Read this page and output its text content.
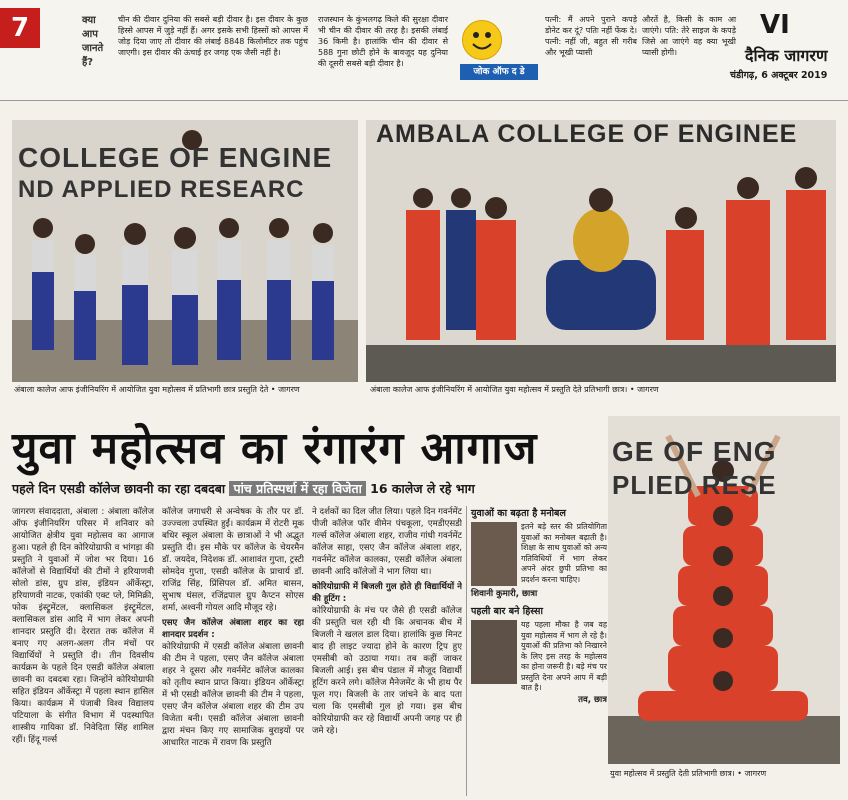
7	क्या आप जानते हैं?
चीन की दीवार दुनिया की सबसे बड़ी दीवार है। इस दीवार के कुछ हिस्से आपस में जुड़े नहीं हैं। अगर इसके सभी हिस्सों को आपस में जोड़ दिया जाए तो दीवार की लंबाई 8848 किलोमीटर तक पहुंच जाएगी। इस दीवार की ऊंचाई हर जगह एक जैसी नहीं है।
राजस्थान के कुंभलगढ़ किले की सुरक्षा दीवार भी चीन की दीवार की तरह है। इसकी लंबाई 36 किमी है। हालांकि चीन की दीवार से 588 गुना छोटी होने के बावजूद यह दुनिया की दूसरी सबसे बड़ी दीवार है।
जोक ऑफ द डे
पत्नी: मैं अपने पुराने कपड़े डोनेट कर दूं? पतिः नहीं फेंक दे। पत्नी: नहीं जी, बहुत सी गरीब और भूखी प्यासी
औरतें है, किसी के काम आ जाएंगे। पति: तेरे साइज के कपड़े जिसे आ जाएंगे वह क्या भूखी प्यासी होगी।
VI
दैनिक जागरण
चंडीगढ़, 6 अक्टूबर 2019
COLLEGE OF ENGINE
ND APPLIED RESEARC
अंबाला कालेज आफ इंजीनियरिंग में आयोजित युवा महोत्सव में प्रतिभागी छात्र प्रस्तुति देते • जागरण
AMBALA COLLEGE OF ENGINEE
अंबाला कालेज आफ इंजीनियरिंग में आयोजित युवा महोत्सव में प्रस्तुति देते प्रतिभागी छात्र। • जागरण
युवा महोत्सव का रंगारंग आगाज
पहले दिन एसडी कॉलेज छावनी का रहा दबदबा पांच प्रतिस्पर्धा में रहा विजेता 16 कालेज ले रहे भाग
जागरण संवाददाता, अंबाला : अंबाला कॉलेज ऑफ इंजीनियरिंग परिसर में शनिवार को आयोजित क्षेत्रीय युवा महोत्सव का आगाज हुआ। पहले ही दिन कोरियोग्राफी व भांगड़ा की प्रस्तुति ने युवाओं में जोश भर दिया। 16 कॉलेजों से विद्यार्थियों की टीमों ने हरियाणवी सोलो डांस, ग्रुप डांस, इंडियन ऑर्केस्ट्रा, हरियाणवी नाटक, एकांकी एक्ट प्ले, मिमिक्री, फोक इंस्ट्रूमेंटल, क्लासिकल इंस्ट्रूमेंटल, क्लासिकल डांस आदि में भाग लेकर अपनी शानदार प्रस्तुति दी। देररात तक कॉलेज में बनाए गए अलग-अलग तीन मंचों पर विद्यार्थियों ने प्रस्तुति दी। तीन दिवसीय कार्यक्रम के पहले दिन एसडी कॉलेज अंबाला छावनी का दबदबा रहा। जिन्होंने कोरियोग्राफी सहित इंडियन ऑर्केस्ट्रा में पहला स्थान हासिल किया। कार्यक्रम में पंजाबी विश्व विद्यालय पटियाला के संगीत विभाग में पदस्थापित शास्त्रीय गायिका डॉ. निवेदिता सिंह शामिल रहीं। हिंदू गर्ल्स
कॉलेज जगाधरी से अन्वेषक के तौर पर डॉ. उज्ज्वला उपस्थित हुईं। कार्यक्रम में रोटरी मूक बधिर स्कूल अंबाला के छात्राओं ने भी अद्भुत प्रस्तुति दी। इस मौके पर कॉलेज के चेयरमैन डॉ. जयदेव, निदेशक डॉ. आशावंत गुप्ता, ट्रस्टी सोमदेव गुप्ता, एसडी कॉलेज के प्राचार्य डॉ. राजिंद्र सिंह, प्रिंसिपल डॉ. अमित बासन, सुभाष घंसल, रजिंद्रपाल ग्रुप कैप्टन सोएस शर्मा, अश्वनी गोयल आदि मौजूद रहे।
एसए जैन कॉलेज अंबाला शहर का रहा शानदार प्रदर्शन :
कोरियोग्राफी में एसडी कॉलेज अंबाला छावनी की टीम ने पहला, एसए जैन कॉलेज अंबाला शहर ने दूसरा और गवर्नमेंट कॉलेज कालका को तृतीय स्थान प्राप्त किया। इंडियन ऑर्केस्ट्रा में भी एसडी कॉलेज छावनी की टीम ने पहला, एसए जैन कॉलेज अंबाला शहर की टीम उप विजेता बनी। एसडी कॉलेज अंबाला छावनी द्वारा मंचन किए गए सामाजिक बुराइयों पर आधारित नाटक में रावण कि प्रस्तुति
ने दर्शकों का दिल जीत लिया। पहले दिन गवर्नमेंट पीजी कॉलेज फॉर वीमेन पंचकूला, एमडीएसडी गर्ल्स कॉलेज अंबाला शहर, राजीव गांधी गवर्नमेंट कॉलेज साहा, एसए जैन कॉलेज अंबाला शहर, गवर्नमेंट कॉलेज कालका, एसडी कॉलेज अंबाला छावनी आदि कॉलेजों ने भाग लिया था।
कोरियोग्राफी में बिजली गुल होते ही विद्यार्थियों ने की हूटिंग :
कोरियोग्राफी के मंच पर जैसे ही एसडी कॉलेज की प्रस्तुति चल रही थी कि अचानक बीच में बिजली ने खलल डाल दिया। हालांकि कुछ मिनट बाद ही लाइट ज्यादा होने के कारण ट्रिप हुए एमसीबी को उठाया गया। तब कहीं जाकर बिजली आई। इस बीच पंडाल में मौजूद विद्यार्थी हूटिंग करने लगे। कॉलेज मैनेजमेंट के भी हाथ पैर फूल गए। बिजली के तार जांचने के बाद पता चला कि एमसीबी गुल हो गया। इस बीच कोरियोग्राफी कर रहे विद्यार्थी अपनी जगह पर ही जमे रहे।
युवाओं का बढ़ता है मनोबल
इतने बड़े स्तर की प्रतियोगिता युवाओं का मनोबल बढ़ाती है। शिक्षा के साथ युवाओं को अन्य गतिविधियों में भाग लेकर अपने अंदर छुपी प्रतिभा का प्रदर्शन करना चाहिए।
शिवानी कुमारी, छात्रा
पहली बार बने हिस्सा
यह पहला मौका है जब वह युवा महोत्सव में भाग ले रहे है। युवाओं की प्रतिभा को निखारने के लिए इस तरह के महोत्सव का होना जरूरी है। बड़े मंच पर प्रस्तुति देना अपने आप में बड़ी बात है।
तव, छात्र
GE OF ENG
PLIED RESE
युवा महोत्सव में प्रस्तुति देती प्रतिभागी छात्र। • जागरण
